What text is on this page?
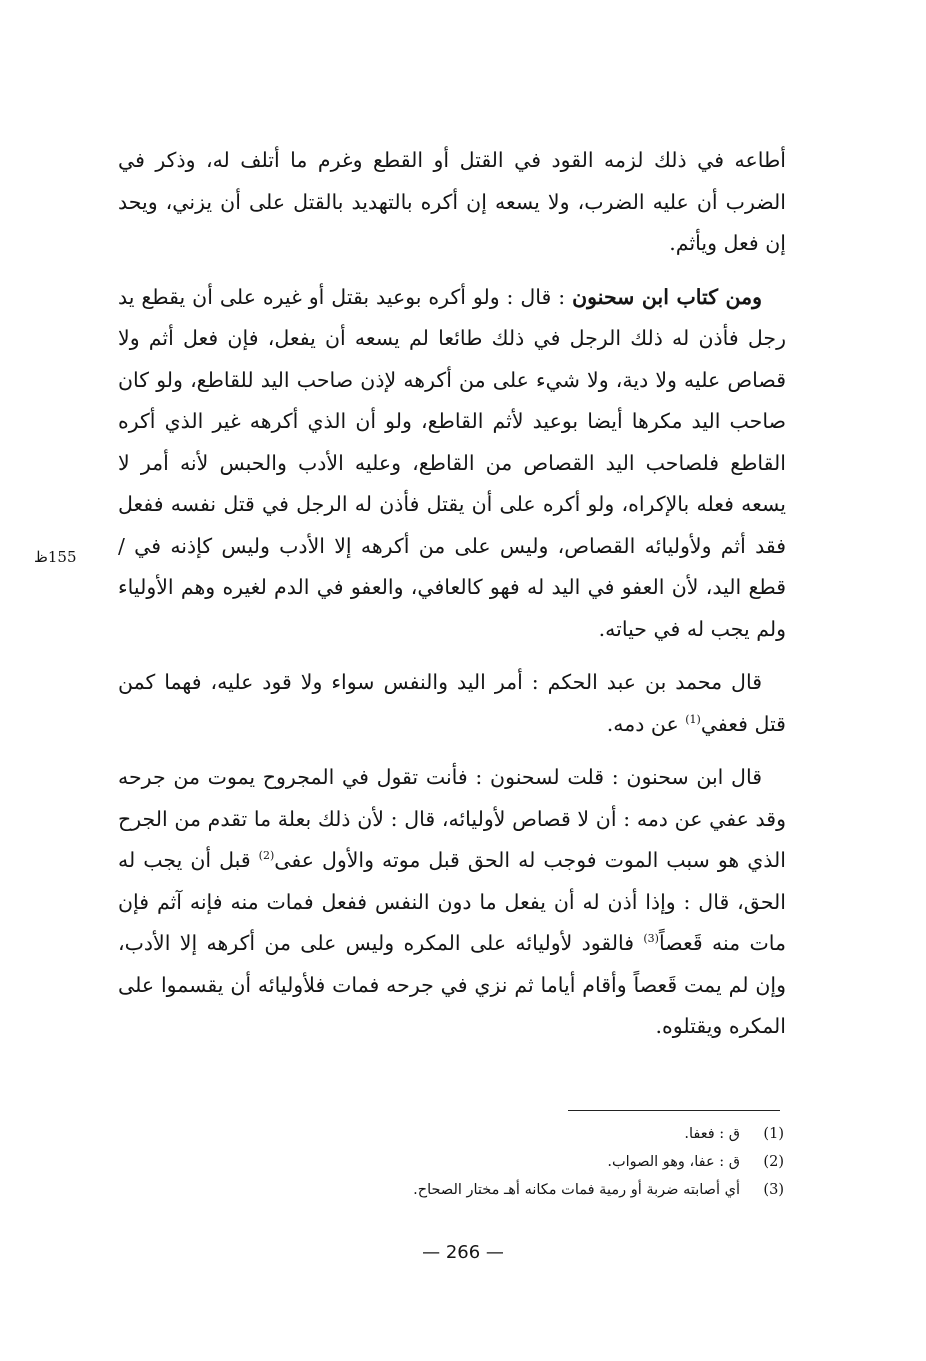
أطاعه في ذلك لزمه القود في القتل أو القطع وغرم ما أتلف له، وذكر في الضرب أن عليه الضرب، ولا يسعه إن أكره بالتهديد بالقتل على أن يزني، ويحد إن فعل ويأثم.

ومن كتاب ابن سحنون : قال : ولو أكره بوعيد بقتل أو غيره على أن يقطع يد رجل فأذن له ذلك الرجل في ذلك طائعا لم يسعه أن يفعل، فإن فعل أثم ولا قصاص عليه ولا دية، ولا شيء على من أكرهه لإذن صاحب اليد للقاطع، ولو كان صاحب اليد مكرها أيضا بوعيد لأثم القاطع، ولو أن الذي أكرهه غير الذي أكره القاطع فلصاحب اليد القصاص من القاطع، وعليه الأدب والحبس لأنه أمر لا يسعه فعله بالإكراه، ولو أكره على أن يقتل فأذن له الرجل في قتل نفسه ففعل فقد أثم ولأوليائه القصاص، وليس على من أكرهه إلا الأدب وليس كإذنه في / قطع اليد، لأن العفو في اليد له فهو كالعافي، والعفو في الدم لغيره وهم الأولياء ولم يجب له في حياته.

قال محمد بن عبد الحكم : أمر اليد والنفس سواء ولا قود عليه، فهما كمن قتل فعفي$^{(1)}$ عن دمه.

قال ابن سحنون : قلت لسحنون : فأنت تقول في المجروح يموت من جرحه وقد عفي عن دمه : أن لا قصاص لأوليائه، قال : لأن ذلك بعلة ما تقدم من الجرح الذي هو سبب الموت فوجب له الحق قبل موته والأول عفى$^{(2)}$ قبل أن يجب له الحق، قال : وإذا أذن له أن يفعل ما دون النفس ففعل فمات منه فإنه آثم فإن مات منه قَعصاً$^{(3)}$ فالقود لأوليائه على المكره وليس على من أكرهه إلا الأدب، وإن لم يمت قَعصاً وأقام أياما ثم نزي في جرحه فمات فلأوليائه أن يقسموا على المكره ويقتلوه.

155ظ
(1)
ق : فعفا.
(2)
ق : عفا، وهو الصواب.
(3)
أي أصابته ضربة أو رمية فمات مكانه أهـ مختار الصحاح.
— 266 —
